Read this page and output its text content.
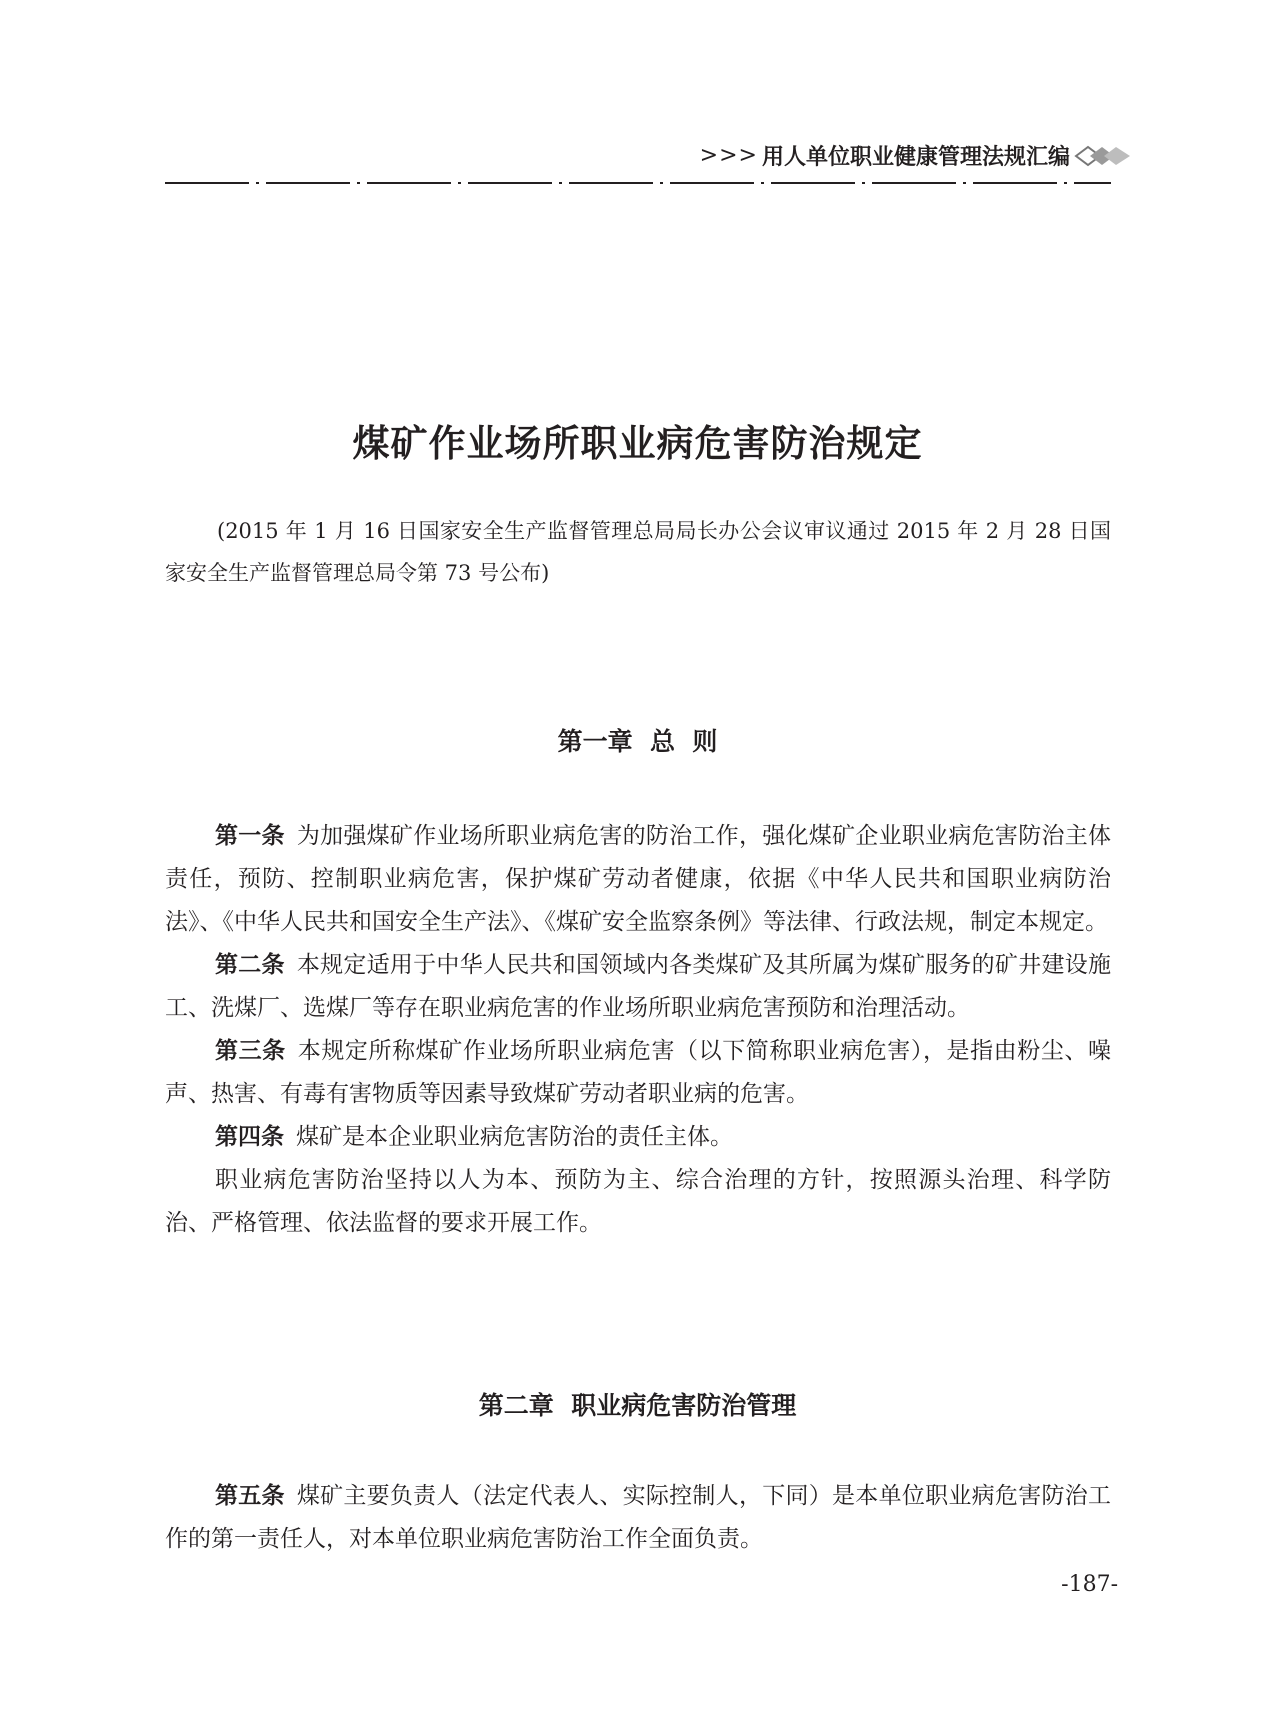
>>> 用人单位职业健康管理法规汇编
煤矿作业场所职业病危害防治规定
(2015 年 1 月 16 日国家安全生产监督管理总局局长办公会议审议通过 2015 年 2 月 28 日国家安全生产监督管理总局令第 73 号公布)
第一章  总  则

第一条 为加强煤矿作业场所职业病危害的防治工作，强化煤矿企业职业病危害防治主体责任，预防、控制职业病危害，保护煤矿劳动者健康，依据《中华人民共和国职业病防治法》、《中华人民共和国安全生产法》、《煤矿安全监察条例》等法律、行政法规，制定本规定。

第二条 本规定适用于中华人民共和国领域内各类煤矿及其所属为煤矿服务的矿井建设施工、洗煤厂、选煤厂等存在职业病危害的作业场所职业病危害预防和治理活动。

第三条 本规定所称煤矿作业场所职业病危害（以下简称职业病危害），是指由粉尘、噪声、热害、有毒有害物质等因素导致煤矿劳动者职业病的危害。

第四条 煤矿是本企业职业病危害防治的责任主体。

职业病危害防治坚持以人为本、预防为主、综合治理的方针，按照源头治理、科学防治、严格管理、依法监督的要求开展工作。

第二章  职业病危害防治管理

第五条 煤矿主要负责人（法定代表人、实际控制人，下同）是本单位职业病危害防治工作的第一责任人，对本单位职业病危害防治工作全面负责。

-187-
